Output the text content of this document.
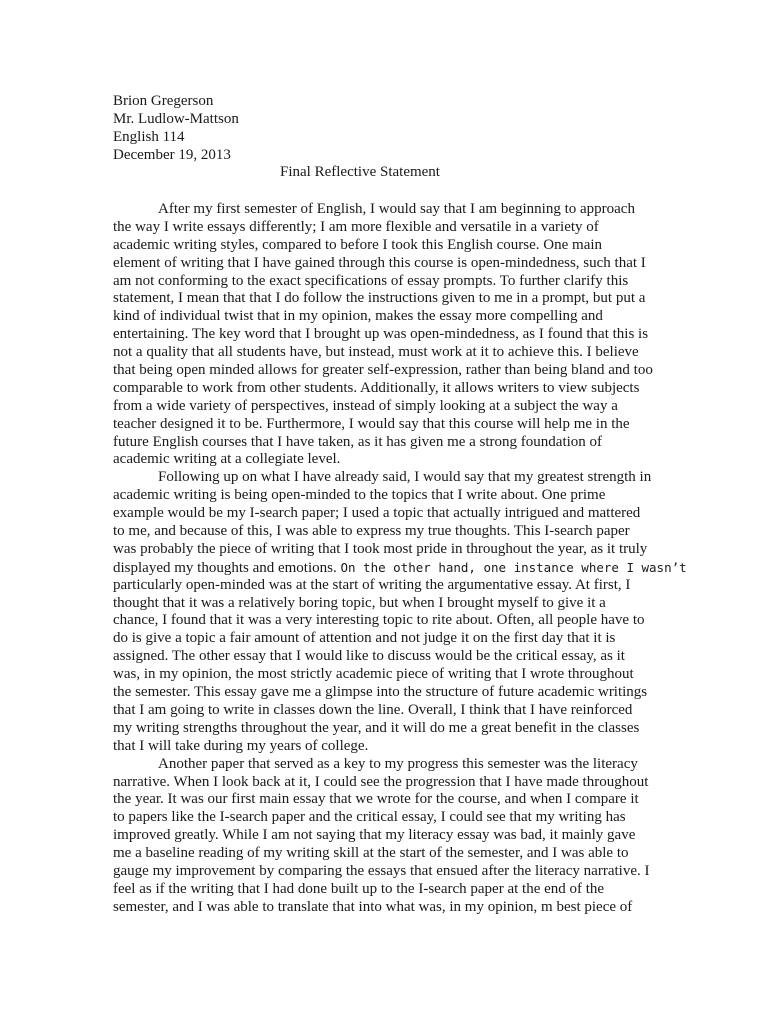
Brion Gregerson
Mr. Ludlow-Mattson
English 114
December 19, 2013
Final Reflective Statement
After my first semester of English, I would say that I am beginning to approach
the way I write essays differently; I am more flexible and versatile in a variety of
academic writing styles, compared to before I took this English course. One main
element of writing that I have gained through this course is open-mindedness, such that I
am not conforming to the exact specifications of essay prompts. To further clarify this
statement, I mean that that I do follow the instructions given to me in a prompt, but put a
kind of individual twist that in my opinion, makes the essay more compelling and
entertaining. The key word that I brought up was open-mindedness, as I found that this is
not a quality that all students have, but instead, must work at it to achieve this. I believe
that being open minded allows for greater self-expression, rather than being bland and too
comparable to work from other students. Additionally, it allows writers to view subjects
from a wide variety of perspectives, instead of simply looking at a subject the way a
teacher designed it to be. Furthermore, I would say that this course will help me in the
future English courses that I have taken, as it has given me a strong foundation of
academic writing at a collegiate level.
Following up on what I have already said, I would say that my greatest strength in
academic writing is being open-minded to the topics that I write about. One prime
example would be my I-search paper; I used a topic that actually intrigued and mattered
to me, and because of this, I was able to express my true thoughts. This I-search paper
was probably the piece of writing that I took most pride in throughout the year, as it truly
displayed my thoughts and emotions. On the other hand, one instance where I wasn’t
particularly open-minded was at the start of writing the argumentative essay. At first, I
thought that it was a relatively boring topic, but when I brought myself to give it a
chance, I found that it was a very interesting topic to rite about. Often, all people have to
do is give a topic a fair amount of attention and not judge it on the first day that it is
assigned. The other essay that I would like to discuss would be the critical essay, as it
was, in my opinion, the most strictly academic piece of writing that I wrote throughout
the semester. This essay gave me a glimpse into the structure of future academic writings
that I am going to write in classes down the line. Overall, I think that I have reinforced
my writing strengths throughout the year, and it will do me a great benefit in the classes
that I will take during my years of college.
Another paper that served as a key to my progress this semester was the literacy
narrative. When I look back at it, I could see the progression that I have made throughout
the year. It was our first main essay that we wrote for the course, and when I compare it
to papers like the I-search paper and the critical essay, I could see that my writing has
improved greatly. While I am not saying that my literacy essay was bad, it mainly gave
me a baseline reading of my writing skill at the start of the semester, and I was able to
gauge my improvement by comparing the essays that ensued after the literacy narrative. I
feel as if the writing that I had done built up to the I-search paper at the end of the
semester, and I was able to translate that into what was, in my opinion, m best piece of
